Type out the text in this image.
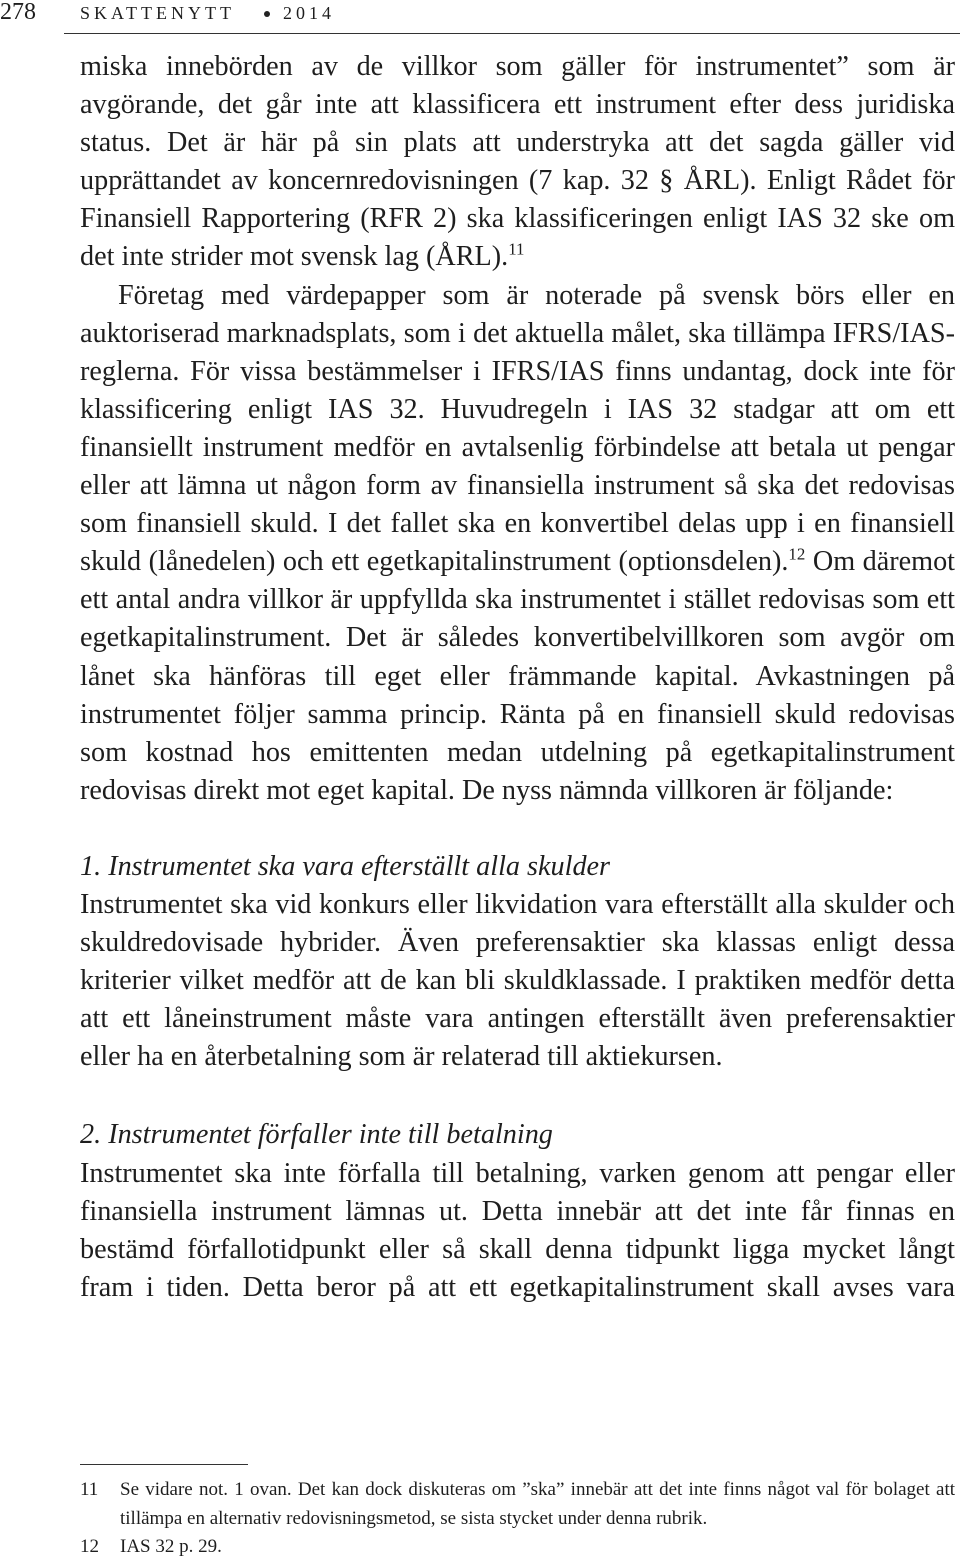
278 SKATTENYTT	2014

miska innebörden av de villkor som gäller för instrumentet” som är avgörande, det går inte att klassificera ett instrument efter dess juridiska status. Det är här på sin plats att understryka att det sagda gäller vid upprättandet av koncernredovisningen (7 kap. 32 § ÅRL). Enligt Rådet för Finansiell Rapportering (RFR 2) ska klassificeringen enligt IAS 32 ske om det inte strider mot svensk lag (ÅRL).$^{11}$

Företag med värdepapper som är noterade på svensk börs eller en auktoriserad marknadsplats, som i det aktuella målet, ska tillämpa IFRS/IAS-reglerna. För vissa bestämmelser i IFRS/IAS finns undantag, dock inte för klassificering enligt IAS 32. Huvudregeln i IAS 32 stadgar att om ett finansiellt instrument medför en avtalsenlig förbindelse att betala ut pengar eller att lämna ut någon form av finansiella instrument så ska det redovisas som finansiell skuld. I det fallet ska en konvertibel delas upp i en finansiell skuld (lånedelen) och ett egetkapitalinstrument (optionsdelen).$^{12}$ Om däremot ett antal andra villkor är uppfyllda ska instrumentet i stället redovisas som ett egetkapitalinstrument. Det är således konvertibelvillkoren som avgör om lånet ska hänföras till eget eller främmande kapital. Avkastningen på instrumentet följer samma princip. Ränta på en finansiell skuld redovisas som kostnad hos emittenten medan utdelning på egetkapitalinstrument redovisas direkt mot eget kapital. De nyss nämnda villkoren är följande:

1. Instrumentet ska vara efterställt alla skulder

Instrumentet ska vid konkurs eller likvidation vara efterställt alla skulder och skuldredovisade hybrider. Även preferensaktier ska klassas enligt dessa kriterier vilket medför att de kan bli skuldklassade. I praktiken medför detta att ett låneinstrument måste vara antingen efterställt även preferensaktier eller ha en återbetalning som är relaterad till aktiekursen.

2. Instrumentet förfaller inte till betalning

Instrumentet ska inte förfalla till betalning, varken genom att pengar eller finansiella instrument lämnas ut. Detta innebär att det inte får finnas en bestämd förfallotidpunkt eller så skall denna tidpunkt ligga mycket långt fram i tiden. Detta beror på att ett egetkapitalinstrument skall avses vara

11	Se vidare not. 1 ovan. Det kan dock diskuteras om ”ska” innebär att det inte finns något val för bolaget att tillämpa en alternativ redovisningsmetod, se sista stycket under denna rubrik.
12	IAS 32 p. 29.
